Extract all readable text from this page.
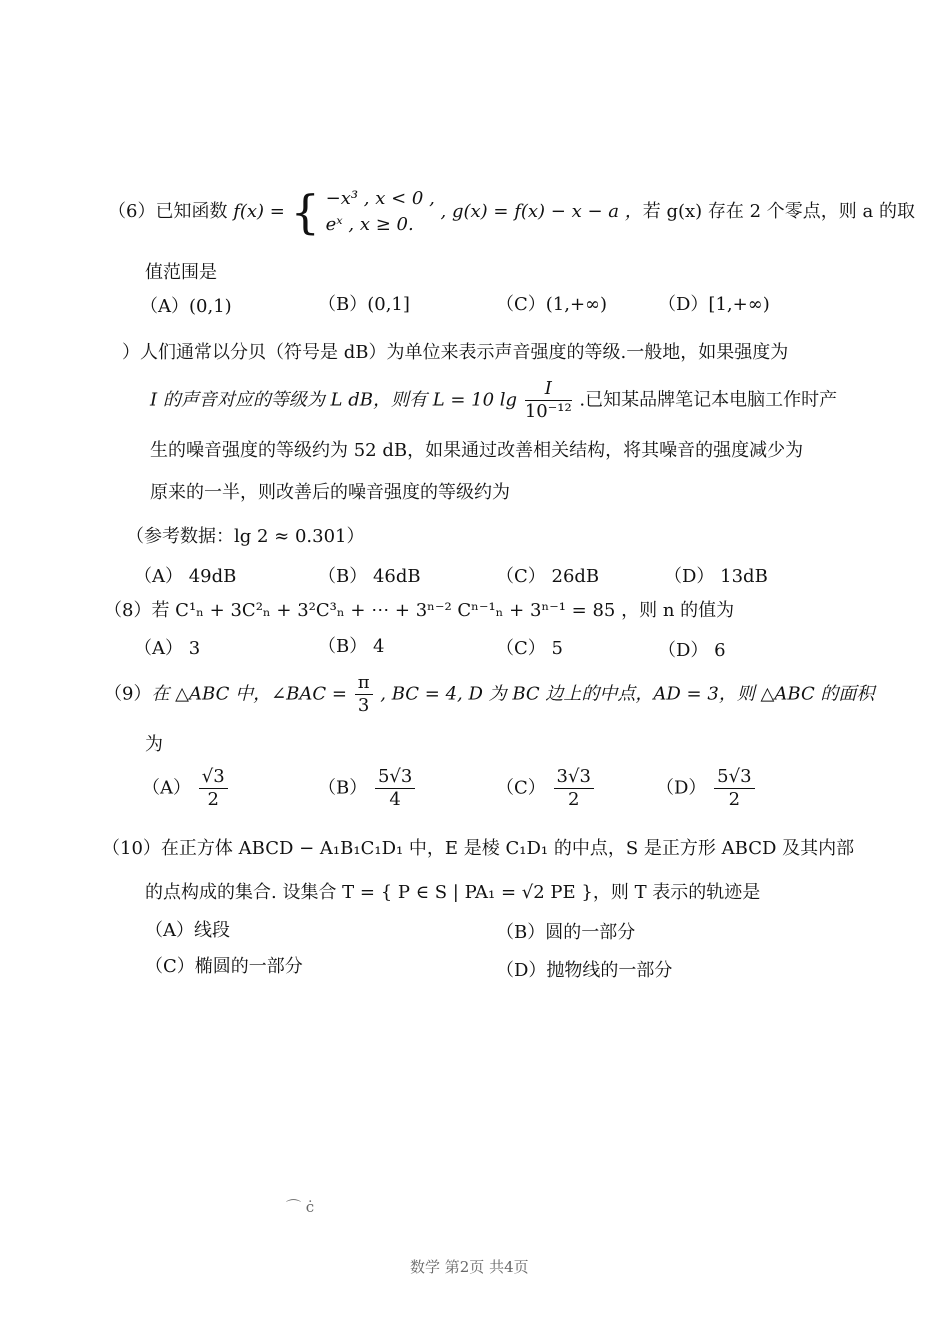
（6）已知函数 f(x) = { −x³ , x < 0 ,
eˣ , x ≥ 0.
, g(x) = f(x) − x − a ，若 g(x) 存在 2 个零点，则 a 的取
值范围是
（A）(0,1)	（B）(0,1]	（C）(1,+∞)	（D）[1,+∞)
）人们通常以分贝（符号是 dB）为单位来表示声音强度的等级.一般地，如果强度为
I 的声音对应的等级为 L dB，则有 L = 10 $\lg \frac{I}{\text{10⁻¹²}}$ .已知某品牌笔记本电脑工作时产
生的噪音强度的等级约为 52 dB，如果通过改善相关结构，将其噪音的强度减少为
原来的一半，则改善后的噪音强度的等级约为
（参考数据：lg 2 ≈ 0.301）
（A） 49dB	（B） 46dB	（C） 26dB	（D） 13dB
（8）若 C¹ₙ + 3C²ₙ + 3²C³ₙ + ⋯ + 3ⁿ⁻² Cⁿ⁻¹ₙ + 3ⁿ⁻¹ = 85 ，则 n 的值为
（A） 3	（B） 4	（C） 5	（D） 6
（9）在 △ABC 中，∠BAC = $\frac{\pi}{3}$ , BC = 4, D 为 BC 边上的中点，AD = 3，则 △ABC 的面积
为
$(A) \frac{√3}{2}$	$(B) \frac{5√3}{4}$	$(C) \frac{3√3}{2}$	$(D) \frac{5√3}{2}$
（10）在正方体 ABCD − A₁B₁C₁D₁ 中，E 是棱 C₁D₁ 的中点，S 是正方形 ABCD 及其内部
的点构成的集合. 设集合 T = { P ∈ S | PA₁ = √2 PE }，则 T 表示的轨迹是
（A）线段	（B）圆的一部分
（C）椭圆的一部分	（D）抛物线的一部分
⌒ ċ
数学 第2页 共4页
